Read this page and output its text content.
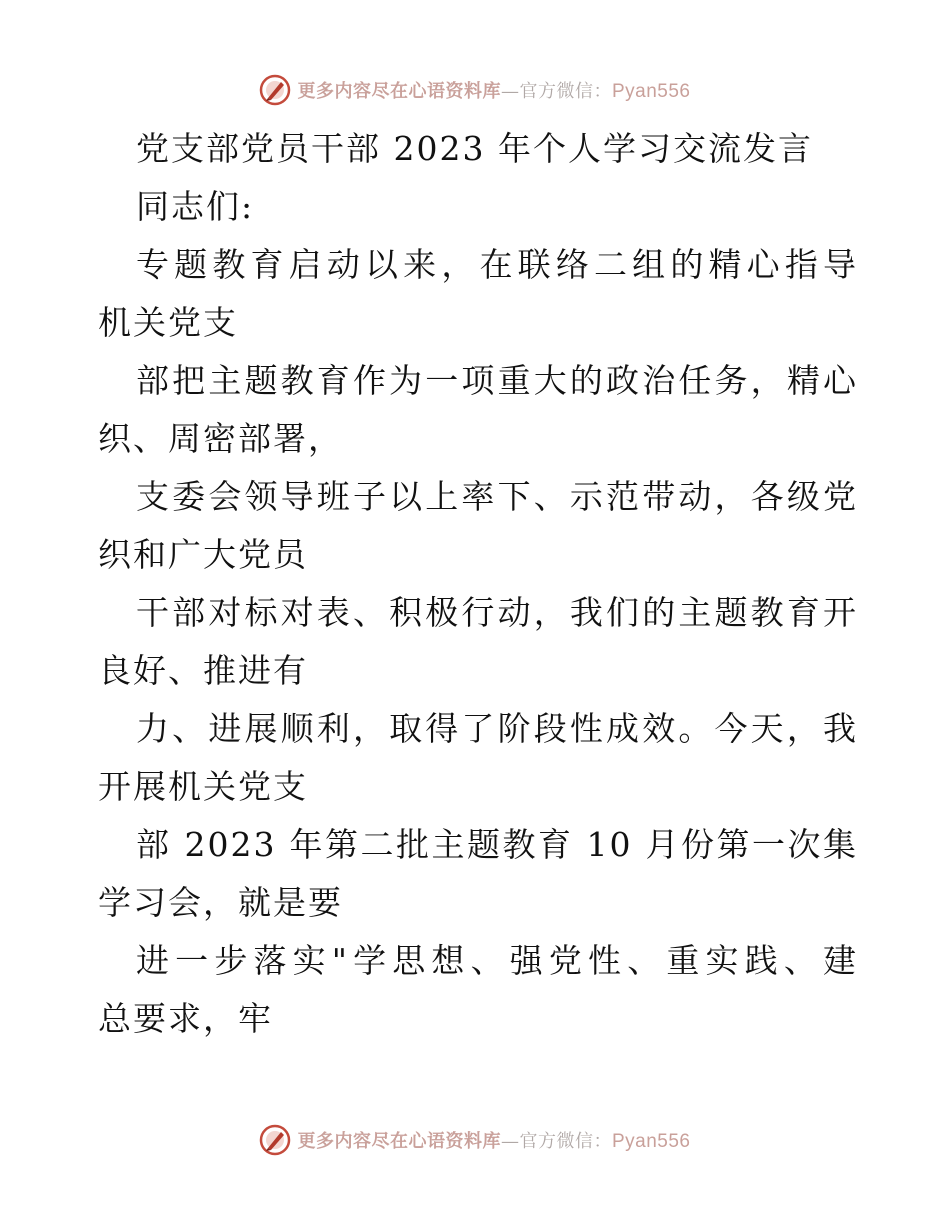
更多内容尽在心语资料库 —官方微信： Pyan556
党支部党员干部 2023 年个人学习交流发言
同志们:
专题教育启动以来，在联络二组的精心指导
机关党支
部把主题教育作为一项重大的政治任务，精心
织、周密部署，
支委会领导班子以上率下、示范带动，各级党
织和广大党员
干部对标对表、积极行动，我们的主题教育开
良好、推进有
力、进展顺利，取得了阶段性成效。今天，我
开展机关党支
部 2023 年第二批主题教育 10 月份第一次集
学习会，就是要
进一步落实"学思想、强党性、重实践、建
总要求，牢
更多内容尽在心语资料库 —官方微信： Pyan556
